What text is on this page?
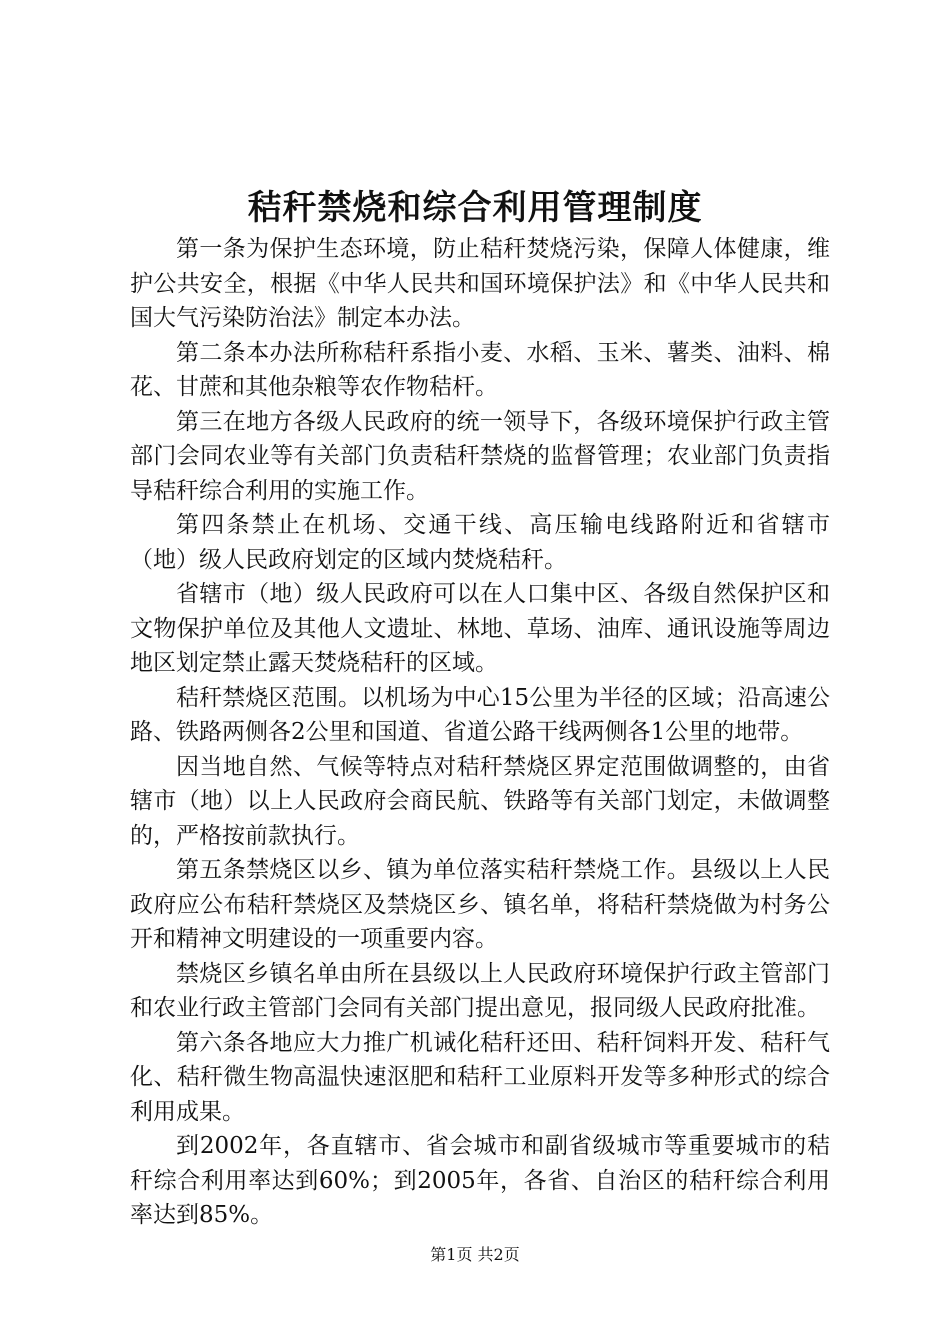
秸秆禁烧和综合利用管理制度

第一条为保护生态环境，防止秸秆焚烧污染，保障人体健康，维护公共安全，根据《中华人民共和国环境保护法》和《中华人民共和国大气污染防治法》制定本办法。

第二条本办法所称秸秆系指小麦、水稻、玉米、薯类、油料、棉花、甘蔗和其他杂粮等农作物秸杆。

第三在地方各级人民政府的统一领导下，各级环境保护行政主管部门会同农业等有关部门负责秸秆禁烧的监督管理；农业部门负责指导秸秆综合利用的实施工作。

第四条禁止在机场、交通干线、高压输电线路附近和省辖市（地）级人民政府划定的区域内焚烧秸秆。

省辖市（地）级人民政府可以在人口集中区、各级自然保护区和文物保护单位及其他人文遗址、林地、草场、油库、通讯设施等周边地区划定禁止露天焚烧秸秆的区域。

秸秆禁烧区范围。以机场为中心15公里为半径的区域；沿高速公路、铁路两侧各2公里和国道、省道公路干线两侧各1公里的地带。

因当地自然、气候等特点对秸秆禁烧区界定范围做调整的，由省辖市（地）以上人民政府会商民航、铁路等有关部门划定，未做调整的，严格按前款执行。

第五条禁烧区以乡、镇为单位落实秸秆禁烧工作。县级以上人民政府应公布秸秆禁烧区及禁烧区乡、镇名单，将秸秆禁烧做为村务公开和精神文明建设的一项重要内容。

禁烧区乡镇名单由所在县级以上人民政府环境保护行政主管部门和农业行政主管部门会同有关部门提出意见，报同级人民政府批准。

第六条各地应大力推广机诫化秸秆还田、秸秆饲料开发、秸秆气化、秸秆微生物高温快速沤肥和秸秆工业原料开发等多种形式的综合利用成果。

到2002年，各直辖市、省会城市和副省级城市等重要城市的秸秆综合利用率达到60%；到2005年，各省、自治区的秸秆综合利用率达到85%。

第1页 共2页
